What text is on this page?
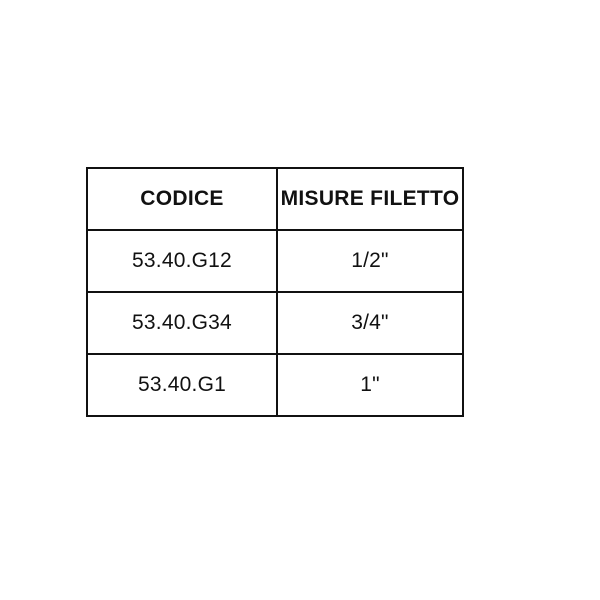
CODICE	MISURE FILETTO
53.40.G12	1/2"
53.40.G34	3/4"
53.40.G1	1"
